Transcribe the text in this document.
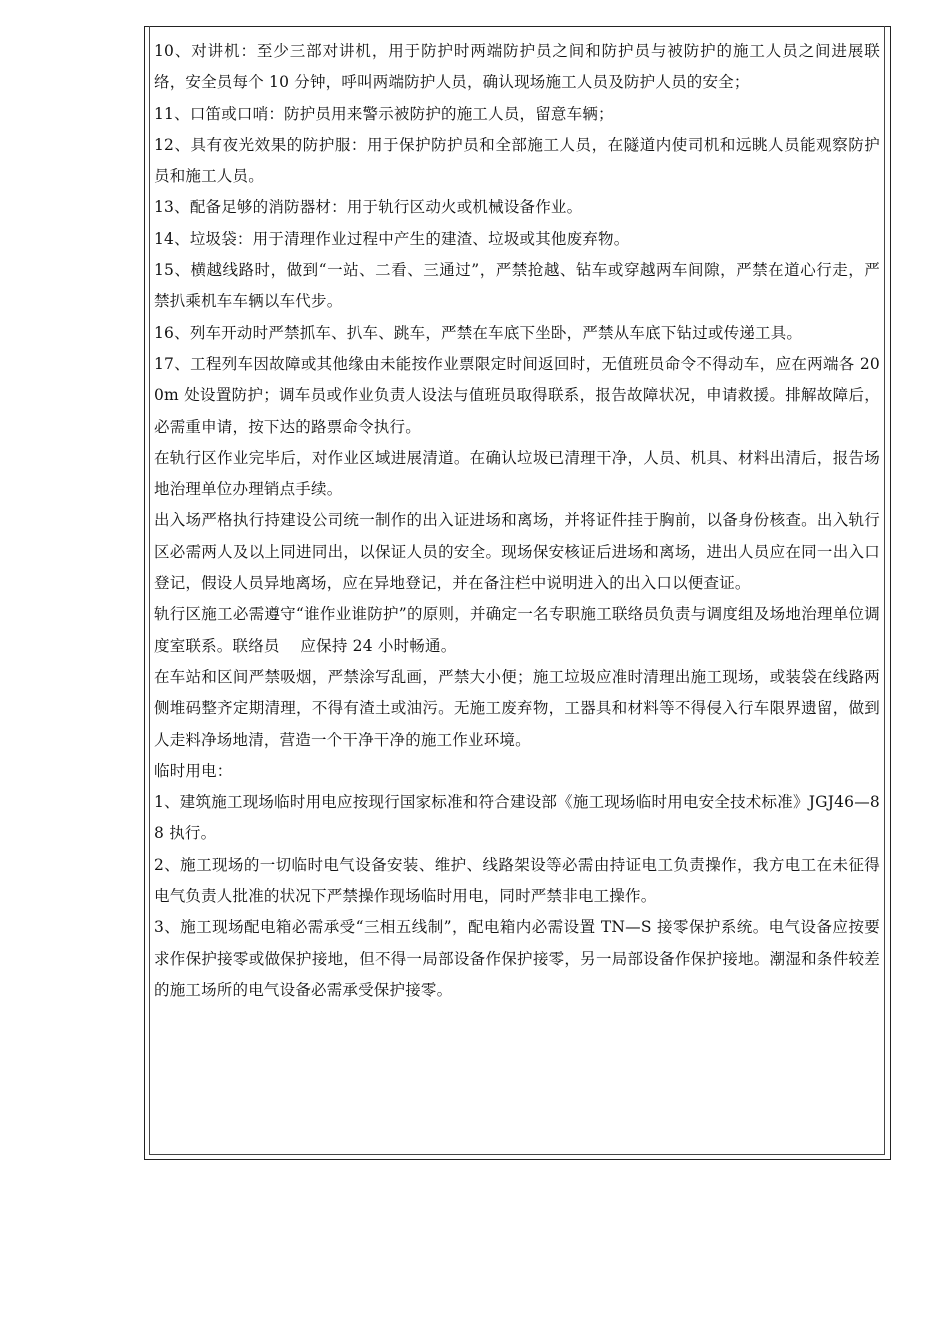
10、对讲机：至少三部对讲机，用于防护时两端防护员之间和防护员与被防护的施工人员之间进展联络，安全员每个 10 分钟，呼叫两端防护人员，确认现场施工人员及防护人员的安全；

11、口笛或口哨：防护员用来警示被防护的施工人员，留意车辆；

12、具有夜光效果的防护服：用于保护防护员和全部施工人员，在隧道内使司机和远眺人员能观察防护员和施工人员。

13、配备足够的消防器材：用于轨行区动火或机械设备作业。

14、垃圾袋：用于清理作业过程中产生的建渣、垃圾或其他废弃物。

15、横越线路时，做到“一站、二看、三通过”，严禁抢越、钻车或穿越两车间隙，严禁在道心行走，严禁扒乘机车车辆以车代步。

16、列车开动时严禁抓车、扒车、跳车，严禁在车底下坐卧，严禁从车底下钻过或传递工具。

17、工程列车因故障或其他缘由未能按作业票限定时间返回时，无值班员命令不得动车，应在两端各 200m 处设置防护；调车员或作业负责人设法与值班员取得联系，报告故障状况，申请救援。排解故障后，必需重申请，按下达的路票命令执行。

在轨行区作业完毕后，对作业区域进展清道。在确认垃圾已清理干净，人员、机具、材料出清后，报告场地治理单位办理销点手续。

出入场严格执行持建设公司统一制作的出入证进场和离场，并将证件挂于胸前，以备身份核查。出入轨行区必需两人及以上同进同出，以保证人员的安全。现场保安核证后进场和离场，进出人员应在同一出入口登记，假设人员异地离场，应在异地登记，并在备注栏中说明进入的出入口以便查证。

轨行区施工必需遵守“谁作业谁防护”的原则，并确定一名专职施工联络员负责与调度组及场地治理单位调度室联系。联络员　 应保持 24 小时畅通。

在车站和区间严禁吸烟，严禁涂写乱画，严禁大小便；施工垃圾应准时清理出施工现场，或装袋在线路两侧堆码整齐定期清理，不得有渣土或油污。无施工废弃物，工器具和材料等不得侵入行车限界遗留，做到人走料净场地清，营造一个干净干净的施工作业环境。

临时用电：

1、建筑施工现场临时用电应按现行国家标准和符合建设部《施工现场临时用电安全技术标准》JGJ46—88 执行。

2、施工现场的一切临时电气设备安装、维护、线路架设等必需由持证电工负责操作，我方电工在未征得电气负责人批准的状况下严禁操作现场临时用电，同时严禁非电工操作。

3、施工现场配电箱必需承受“三相五线制”，配电箱内必需设置 TN—S 接零保护系统。电气设备应按要求作保护接零或做保护接地，但不得一局部设备作保护接零，另一局部设备作保护接地。潮湿和条件较差的施工场所的电气设备必需承受保护接零。
